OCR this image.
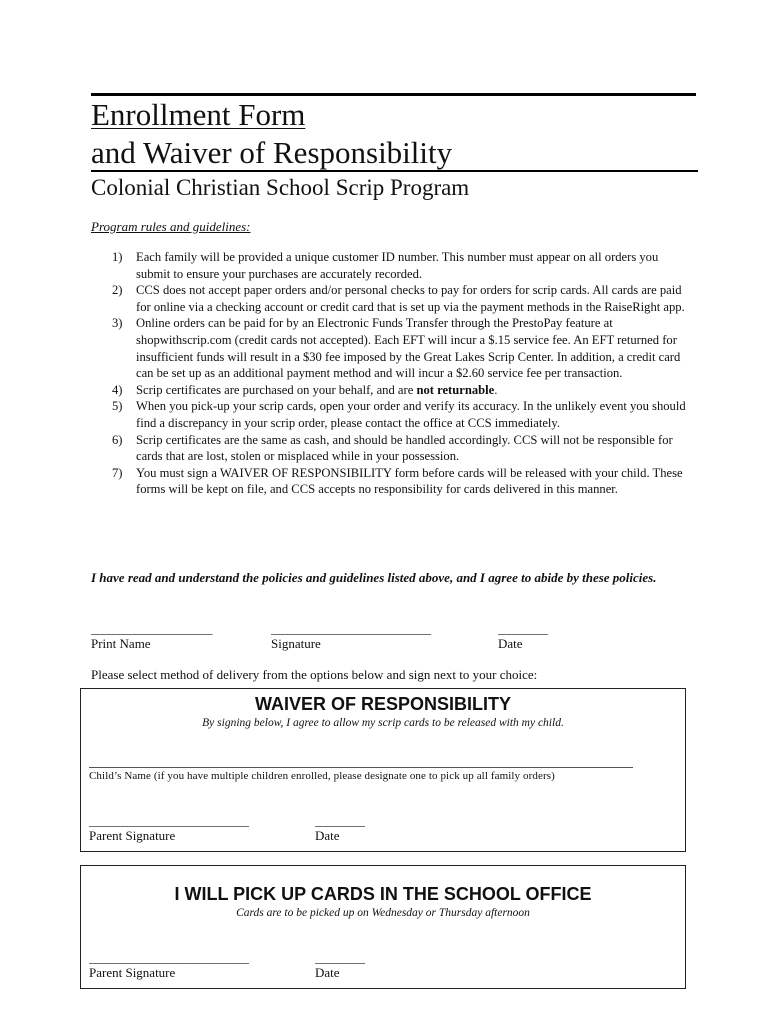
Enrollment Form
and Waiver of Responsibility
Colonial Christian School Scrip Program
Program rules and guidelines:
1) Each family will be provided a unique customer ID number. This number must appear on all orders you submit to ensure your purchases are accurately recorded.
2) CCS does not accept paper orders and/or personal checks to pay for orders for scrip cards. All cards are paid for online via a checking account or credit card that is set up via the payment methods in the RaiseRight app.
3) Online orders can be paid for by an Electronic Funds Transfer through the PrestoPay feature at shopwithscrip.com (credit cards not accepted). Each EFT will incur a $.15 service fee. An EFT returned for insufficient funds will result in a $30 fee imposed by the Great Lakes Scrip Center. In addition, a credit card can be set up as an additional payment method and will incur a $2.60 service fee per transaction.
4) Scrip certificates are purchased on your behalf, and are not returnable.
5) When you pick-up your scrip cards, open your order and verify its accuracy. In the unlikely event you should find a discrepancy in your scrip order, please contact the office at CCS immediately.
6) Scrip certificates are the same as cash, and should be handled accordingly. CCS will not be responsible for cards that are lost, stolen or misplaced while in your possession.
7) You must sign a WAIVER OF RESPONSIBILITY form before cards will be released with your child. These forms will be kept on file, and CCS accepts no responsibility for cards delivered in this manner.
I have read and understand the policies and guidelines listed above, and I agree to abide by these policies.
______________________	_____________________________	_________
Print Name	Signature	Date
Please select method of delivery from the options below and sign next to your choice:
WAIVER OF RESPONSIBILITY
By signing below, I agree to allow my scrip cards to be released with my child.
Child’s Name (if you have multiple children enrolled, please designate one to pick up all family orders)
_____________________________	_________
Parent Signature	Date
I WILL PICK UP CARDS IN THE SCHOOL OFFICE
Cards are to be picked up on Wednesday or Thursday afternoon
_____________________________	_________
Parent Signature	Date
